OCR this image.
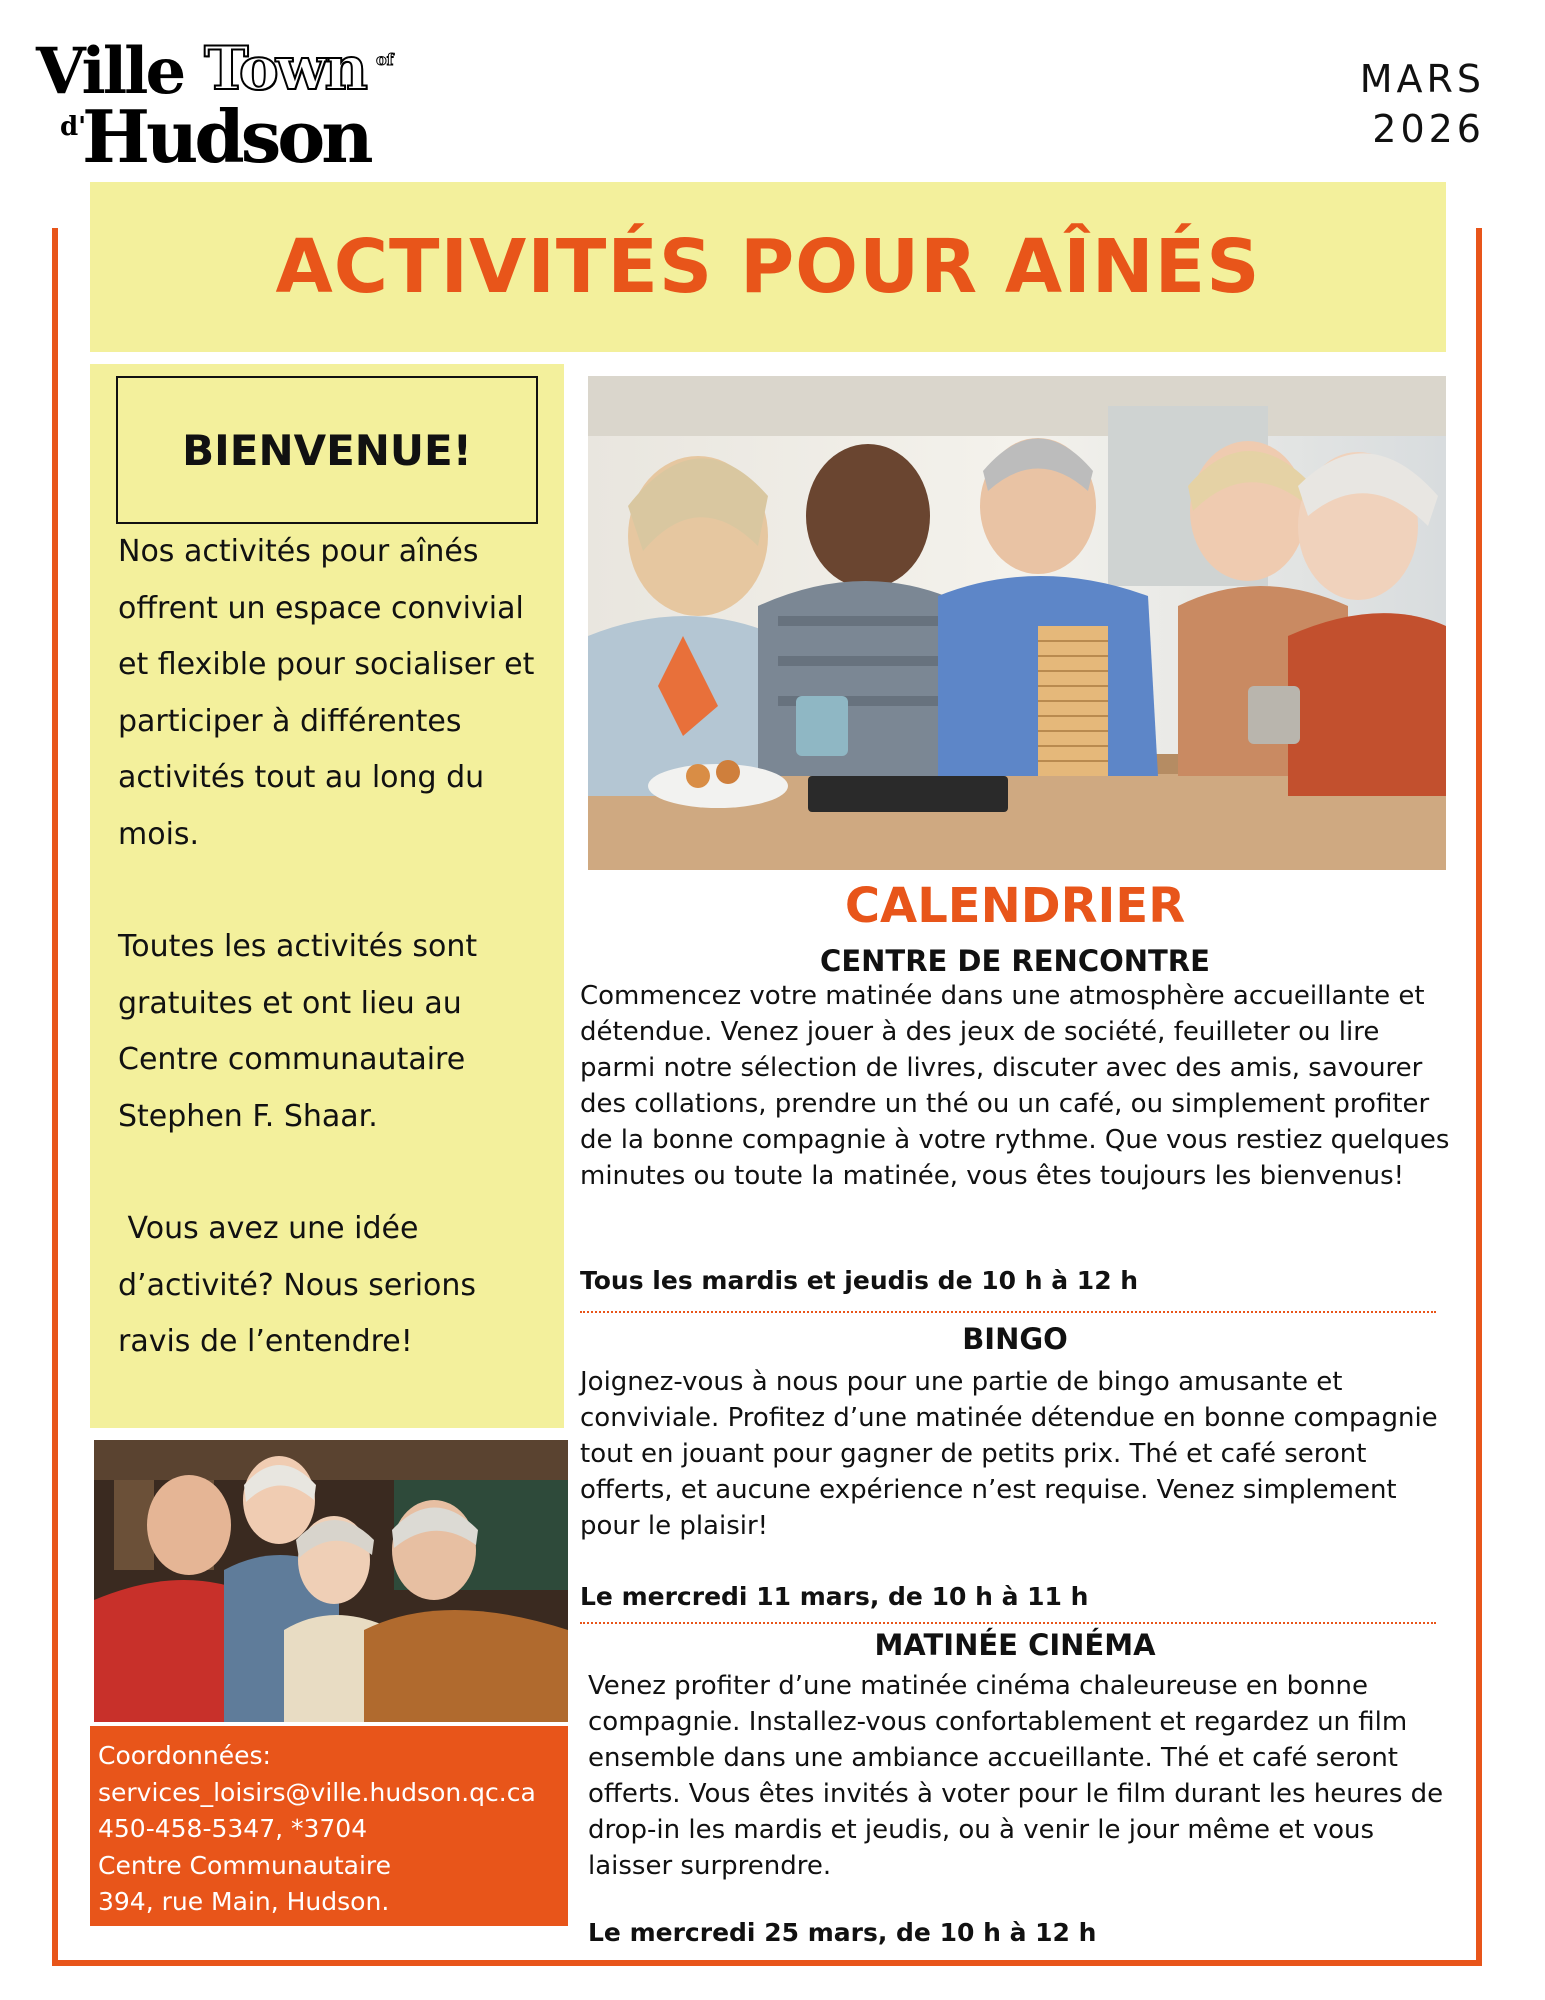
Ville Town of
d'
Hudson
MARS
2026
ACTIVITÉS POUR AÎNÉS
BIENVENUE!

Nos activités pour aînés offrent un espace convivial et flexible pour socialiser et participer à différentes activités tout au long du mois.

Toutes les activités sont gratuites et ont lieu au Centre communautaire Stephen F. Shaar.

Vous avez une idée d’activité? Nous serions ravis de l’entendre!

Coordonnées:
services_loisirs@ville.hudson.qc.ca
450-458-5347, *3704
Centre Communautaire
394, rue Main, Hudson.
CALENDRIER
CENTRE DE RENCONTRE

Commencez votre matinée dans une atmosphère accueillante et détendue. Venez jouer à des jeux de société, feuilleter ou lire parmi notre sélection de livres, discuter avec des amis, savourer des collations, prendre un thé ou un café, ou simplement profiter de la bonne compagnie à votre rythme. Que vous restiez quelques minutes ou toute la matinée, vous êtes toujours les bienvenus!

Tous les mardis et jeudis de 10 h à 12 h
BINGO

Joignez-vous à nous pour une partie de bingo amusante et conviviale. Profitez d’une matinée détendue en bonne compagnie tout en jouant pour gagner de petits prix. Thé et café seront offerts, et aucune expérience n’est requise. Venez simplement pour le plaisir!

Le mercredi 11 mars, de 10 h à 11 h
MATINÉE CINÉMA

Venez profiter d’une matinée cinéma chaleureuse en bonne compagnie. Installez-vous confortablement et regardez un film ensemble dans une ambiance accueillante. Thé et café seront offerts. Vous êtes invités à voter pour le film durant les heures de drop-in les mardis et jeudis, ou à venir le jour même et vous laisser surprendre.

Le mercredi 25 mars, de 10 h à 12 h
